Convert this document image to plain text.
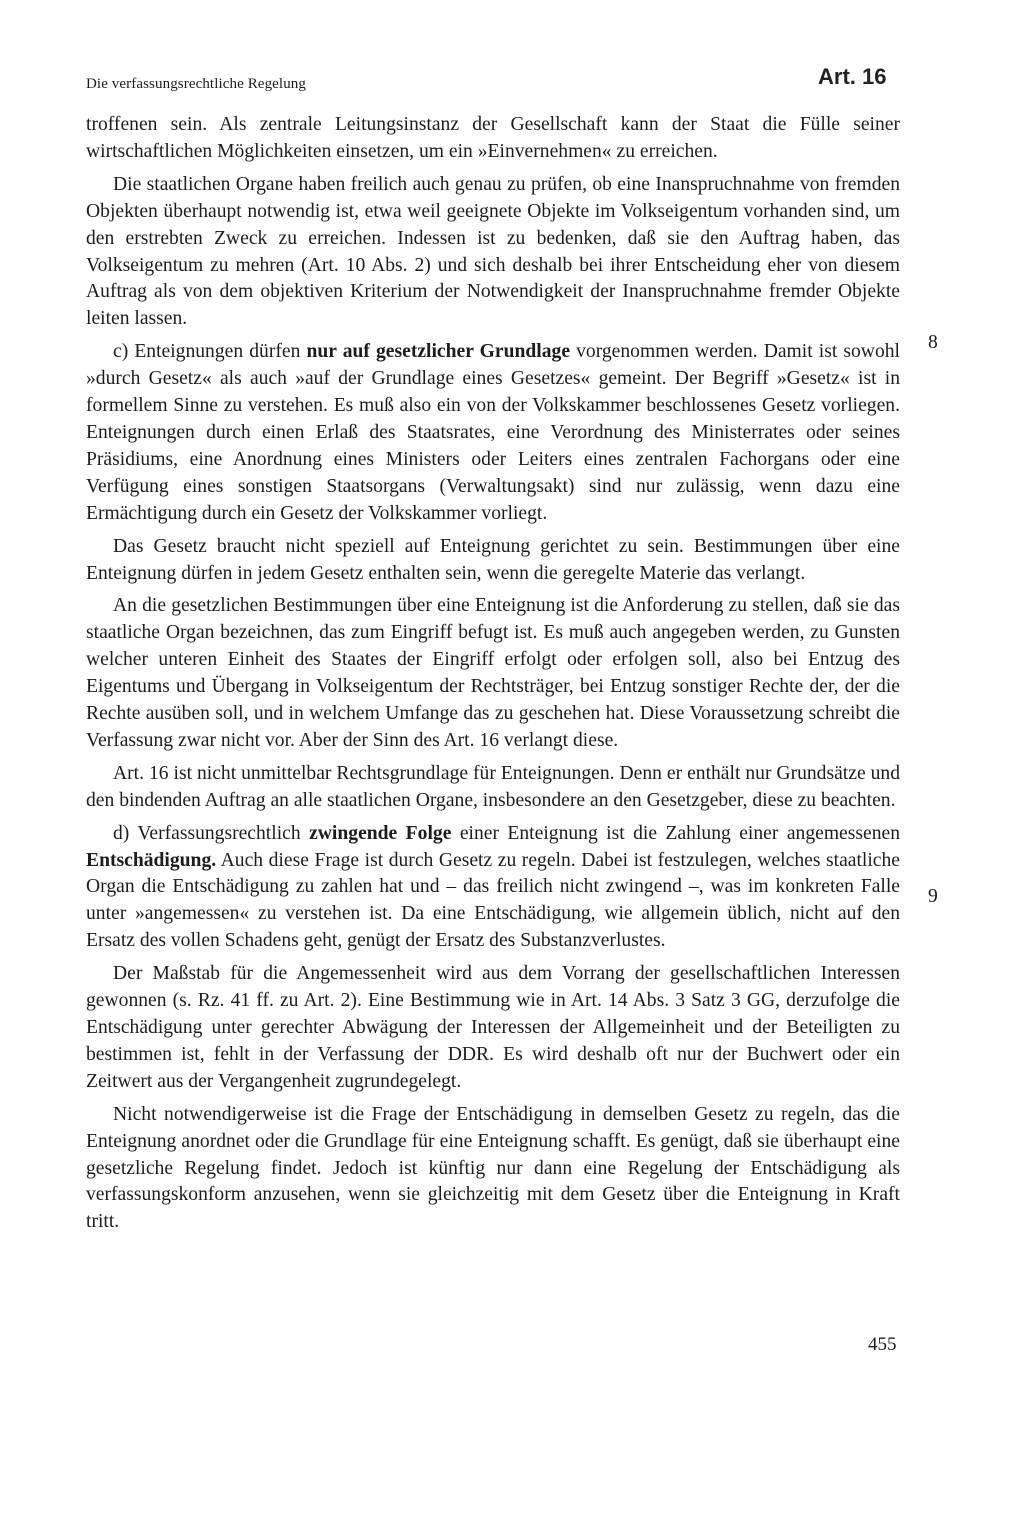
Die verfassungsrechtliche Regelung	Art. 16
8
9

troffenen sein. Als zentrale Leitungsinstanz der Gesellschaft kann der Staat die Fülle seiner wirtschaftlichen Möglichkeiten einsetzen, um ein »Einvernehmen« zu erreichen.

Die staatlichen Organe haben freilich auch genau zu prüfen, ob eine Inanspruchnahme von fremden Objekten überhaupt notwendig ist, etwa weil geeignete Objekte im Volkseigentum vorhanden sind, um den erstrebten Zweck zu erreichen. Indessen ist zu bedenken, daß sie den Auftrag haben, das Volkseigentum zu mehren (Art. 10 Abs. 2) und sich deshalb bei ihrer Entscheidung eher von diesem Auftrag als von dem objektiven Kriterium der Notwendigkeit der Inanspruchnahme fremder Objekte leiten lassen.

c) Enteignungen dürfen nur auf gesetzlicher Grundlage vorgenommen werden. Damit ist sowohl »durch Gesetz« als auch »auf der Grundlage eines Gesetzes« gemeint. Der Begriff »Gesetz« ist in formellem Sinne zu verstehen. Es muß also ein von der Volkskammer beschlossenes Gesetz vorliegen. Enteignungen durch einen Erlaß des Staatsrates, eine Verordnung des Ministerrates oder seines Präsidiums, eine Anordnung eines Ministers oder Leiters eines zentralen Fachorgans oder eine Verfügung eines sonstigen Staatsorgans (Verwaltungsakt) sind nur zulässig, wenn dazu eine Ermächtigung durch ein Gesetz der Volkskammer vorliegt.

Das Gesetz braucht nicht speziell auf Enteignung gerichtet zu sein. Bestimmungen über eine Enteignung dürfen in jedem Gesetz enthalten sein, wenn die geregelte Materie das verlangt.

An die gesetzlichen Bestimmungen über eine Enteignung ist die Anforderung zu stellen, daß sie das staatliche Organ bezeichnen, das zum Eingriff befugt ist. Es muß auch angegeben werden, zu Gunsten welcher unteren Einheit des Staates der Eingriff erfolgt oder erfolgen soll, also bei Entzug des Eigentums und Übergang in Volkseigentum der Rechtsträger, bei Entzug sonstiger Rechte der, der die Rechte ausüben soll, und in welchem Umfange das zu geschehen hat. Diese Voraussetzung schreibt die Verfassung zwar nicht vor. Aber der Sinn des Art. 16 verlangt diese.

Art. 16 ist nicht unmittelbar Rechtsgrundlage für Enteignungen. Denn er enthält nur Grundsätze und den bindenden Auftrag an alle staatlichen Organe, insbesondere an den Gesetzgeber, diese zu beachten.

d) Verfassungsrechtlich zwingende Folge einer Enteignung ist die Zahlung einer angemessenen Entschädigung. Auch diese Frage ist durch Gesetz zu regeln. Dabei ist festzulegen, welches staatliche Organ die Entschädigung zu zahlen hat und – das freilich nicht zwingend –, was im konkreten Falle unter »angemessen« zu verstehen ist. Da eine Entschädigung, wie allgemein üblich, nicht auf den Ersatz des vollen Schadens geht, genügt der Ersatz des Substanzverlustes.

Der Maßstab für die Angemessenheit wird aus dem Vorrang der gesellschaftlichen Interessen gewonnen (s. Rz. 41 ff. zu Art. 2). Eine Bestimmung wie in Art. 14 Abs. 3 Satz 3 GG, derzufolge die Entschädigung unter gerechter Abwägung der Interessen der Allgemeinheit und der Beteiligten zu bestimmen ist, fehlt in der Verfassung der DDR. Es wird deshalb oft nur der Buchwert oder ein Zeitwert aus der Vergangenheit zugrundegelegt.

Nicht notwendigerweise ist die Frage der Entschädigung in demselben Gesetz zu regeln, das die Enteignung anordnet oder die Grundlage für eine Enteignung schafft. Es genügt, daß sie überhaupt eine gesetzliche Regelung findet. Jedoch ist künftig nur dann eine Regelung der Entschädigung als verfassungskonform anzusehen, wenn sie gleichzeitig mit dem Gesetz über die Enteignung in Kraft tritt.

455
